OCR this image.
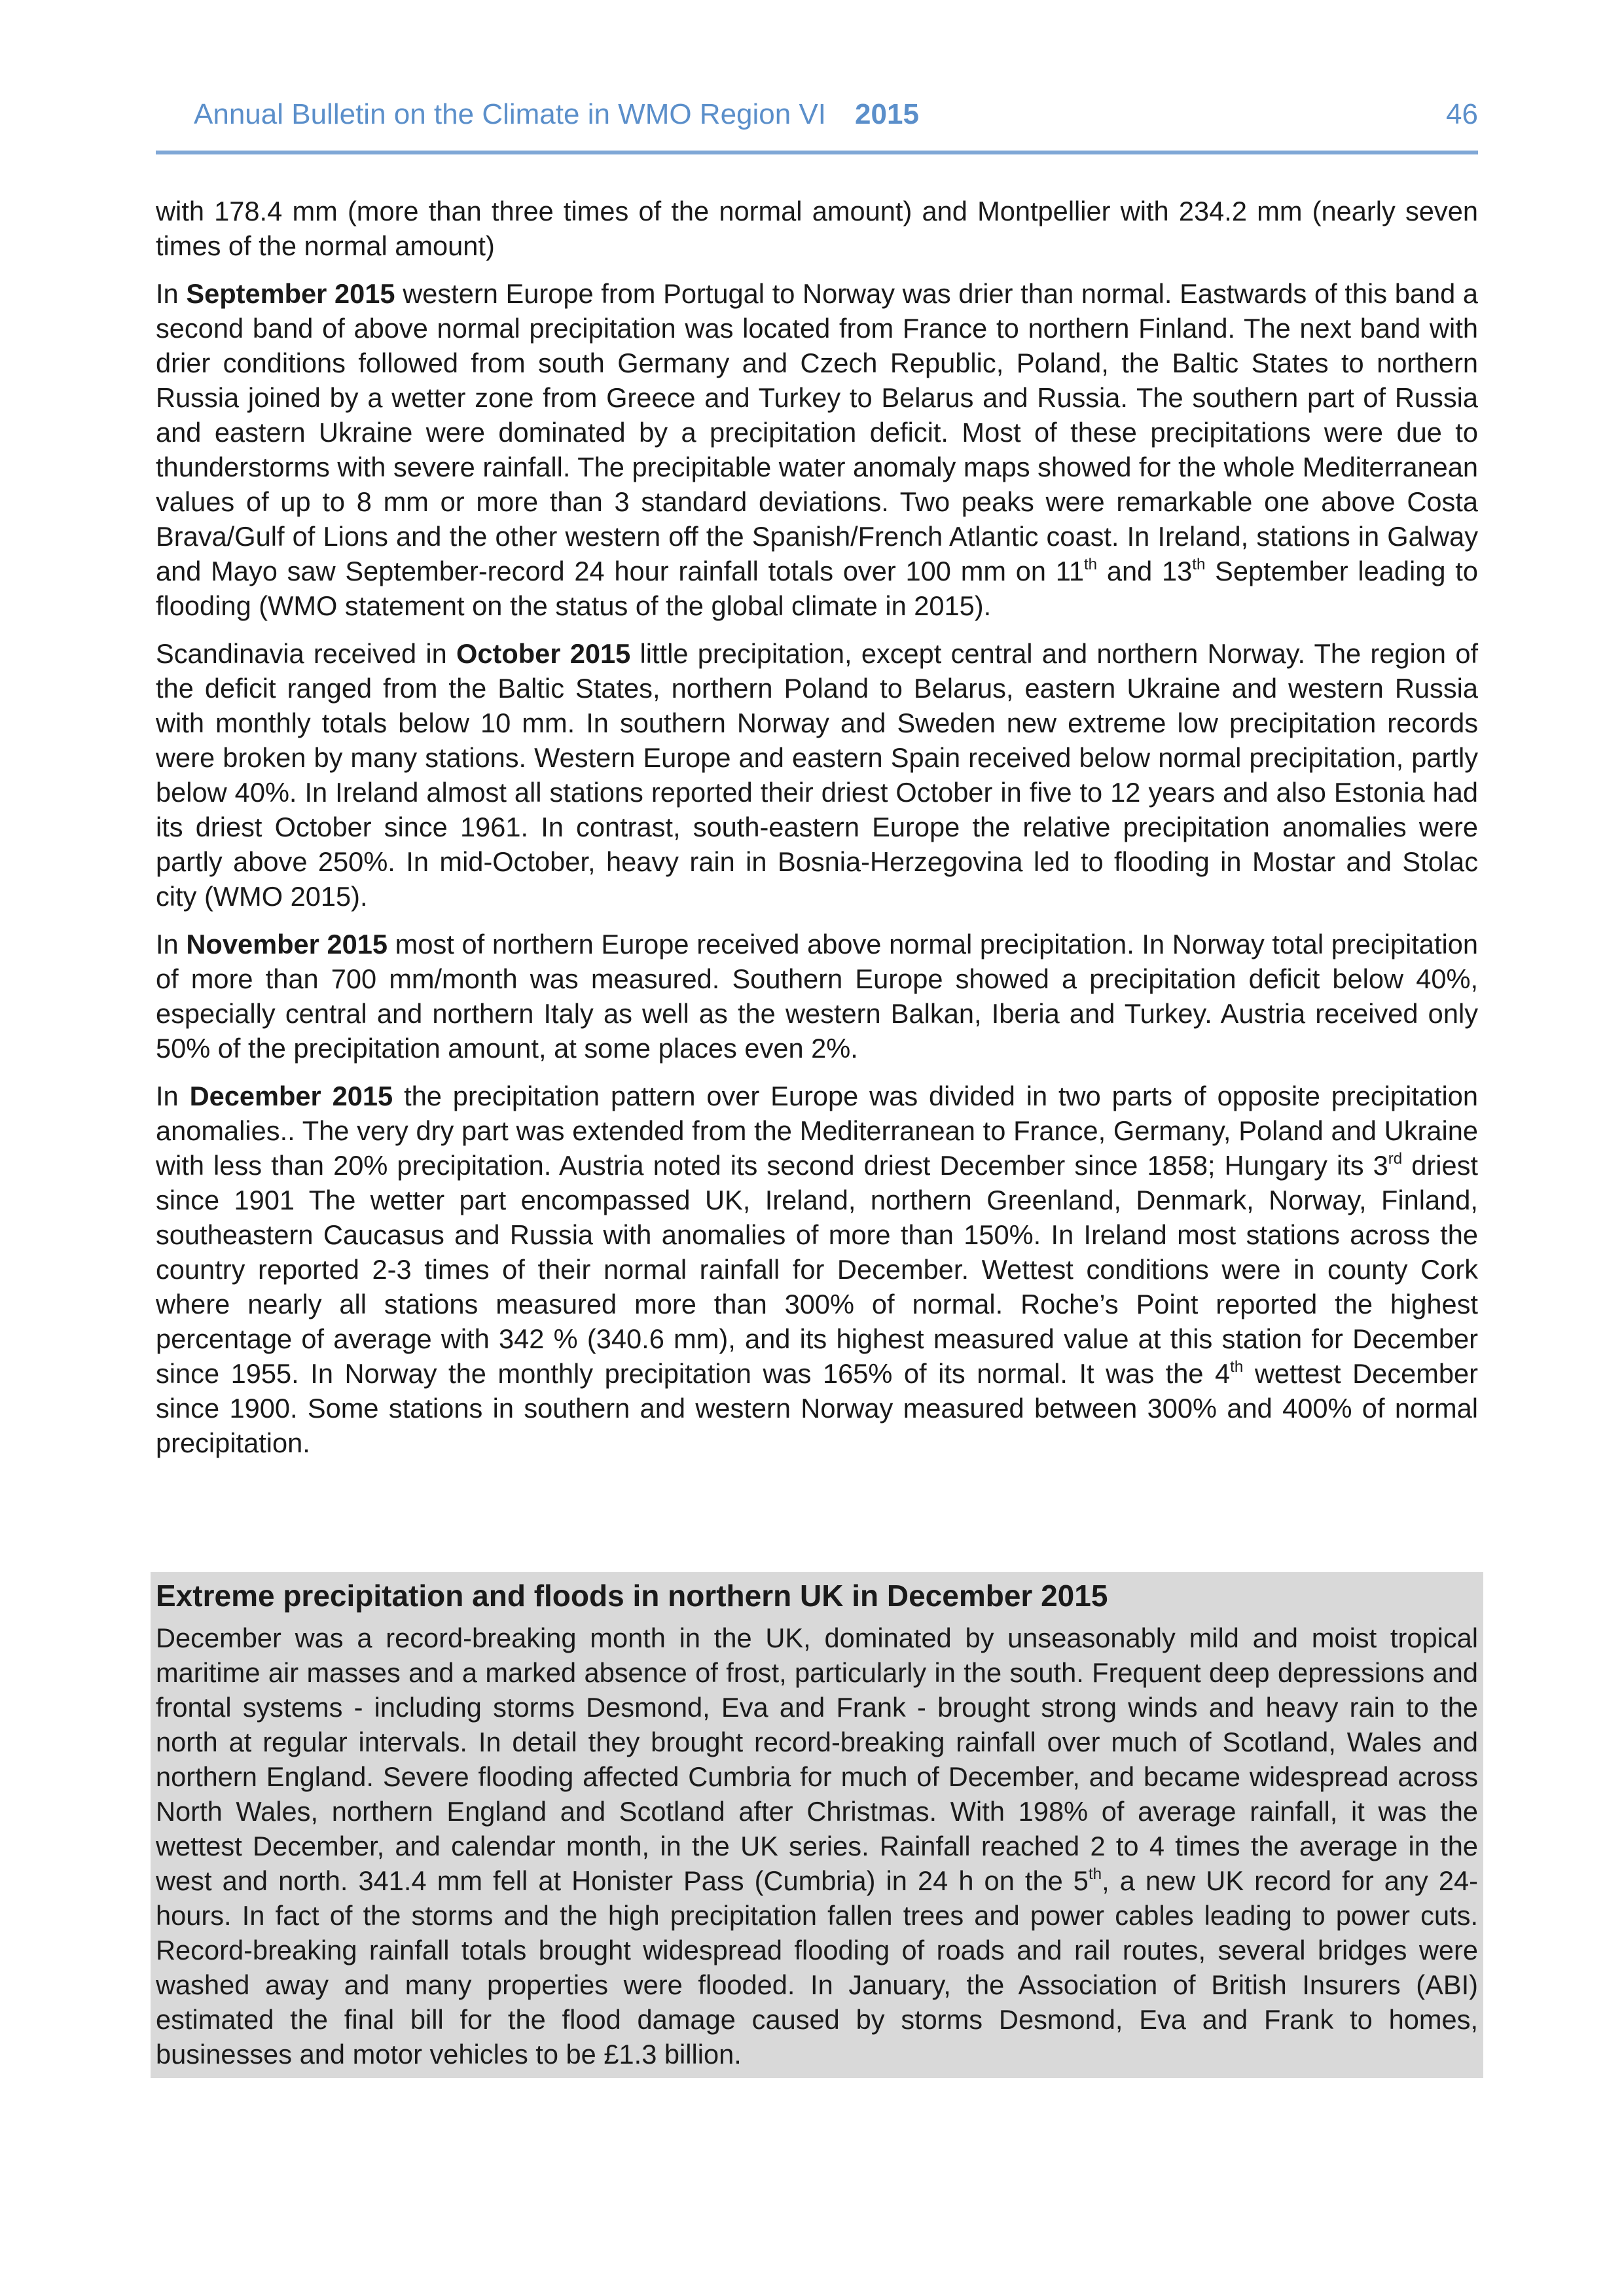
Annual Bulletin on the Climate in WMO Region VI 2015	46

with 178.4 mm (more than three times of the normal amount) and Montpellier with 234.2 mm (nearly seven times of the normal amount)

In September 2015 western Europe from Portugal to Norway was drier than normal. Eastwards of this band a second band of above normal precipitation was located from France to northern Finland. The next band with drier conditions followed from south Germany and Czech Republic, Poland, the Baltic States to northern Russia joined by a wetter zone from Greece and Turkey to Belarus and Russia. The southern part of Russia and eastern Ukraine were dominated by a precipitation deficit. Most of these precipitations were due to thunderstorms with severe rainfall. The precipitable water anomaly maps showed for the whole Mediterranean values of up to 8 mm or more than 3 standard deviations. Two peaks were remarkable one above Costa Brava/Gulf of Lions and the other western off the Spanish/French Atlantic coast. In Ireland, stations in Galway and Mayo saw September-record 24 hour rainfall totals over 100 mm on 11th and 13th September leading to flooding (WMO statement on the status of the global climate in 2015).

Scandinavia received in October 2015 little precipitation, except central and northern Norway. The region of the deficit ranged from the Baltic States, northern Poland to Belarus, eastern Ukraine and western Russia with monthly totals below 10 mm. In southern Norway and Sweden new extreme low precipitation records were broken by many stations. Western Europe and eastern Spain received below normal precipitation, partly below 40%. In Ireland almost all stations reported their driest October in five to 12 years and also Estonia had its driest October since 1961. In contrast, south-eastern Europe the relative precipitation anomalies were partly above 250%. In mid-October, heavy rain in Bosnia-Herzegovina led to flooding in Mostar and Stolac city (WMO 2015).

In November 2015 most of northern Europe received above normal precipitation. In Norway total precipitation of more than 700 mm/month was measured. Southern Europe showed a precipitation deficit below 40%, especially central and northern Italy as well as the western Balkan, Iberia and Turkey. Austria received only 50% of the precipitation amount, at some places even 2%.

In December 2015 the precipitation pattern over Europe was divided in two parts of opposite precipitation anomalies.. The very dry part was extended from the Mediterranean to France, Germany, Poland and Ukraine with less than 20% precipitation. Austria noted its second driest December since 1858; Hungary its 3rd driest since 1901 The wetter part encompassed UK, Ireland, northern Greenland, Denmark, Norway, Finland, southeastern Caucasus and Russia with anomalies of more than 150%. In Ireland most stations across the country reported 2-3 times of their normal rainfall for December. Wettest conditions were in county Cork where nearly all stations measured more than 300% of normal. Roche’s Point reported the highest percentage of average with 342 % (340.6 mm), and its highest measured value at this station for December since 1955. In Norway the monthly precipitation was 165% of its normal. It was the 4th wettest December since 1900. Some stations in southern and western Norway measured between 300% and 400% of normal precipitation.

Extreme precipitation and floods in northern UK in December 2015

December was a record-breaking month in the UK, dominated by unseasonably mild and moist tropical maritime air masses and a marked absence of frost, particularly in the south. Frequent deep depressions and frontal systems - including storms Desmond, Eva and Frank - brought strong winds and heavy rain to the north at regular intervals. In detail they brought record-breaking rainfall over much of Scotland, Wales and northern England. Severe flooding affected Cumbria for much of December, and became widespread across North Wales, northern England and Scotland after Christmas. With 198% of average rainfall, it was the wettest December, and calendar month, in the UK series. Rainfall reached 2 to 4 times the average in the west and north. 341.4 mm fell at Honister Pass (Cumbria) in 24 h on the 5th, a new UK record for any 24-hours. In fact of the storms and the high precipitation fallen trees and power cables leading to power cuts. Record-breaking rainfall totals brought widespread flooding of roads and rail routes, several bridges were washed away and many properties were flooded. In January, the Association of British Insurers (ABI) estimated the final bill for the flood damage caused by storms Desmond, Eva and Frank to homes, businesses and motor vehicles to be £1.3 billion.
